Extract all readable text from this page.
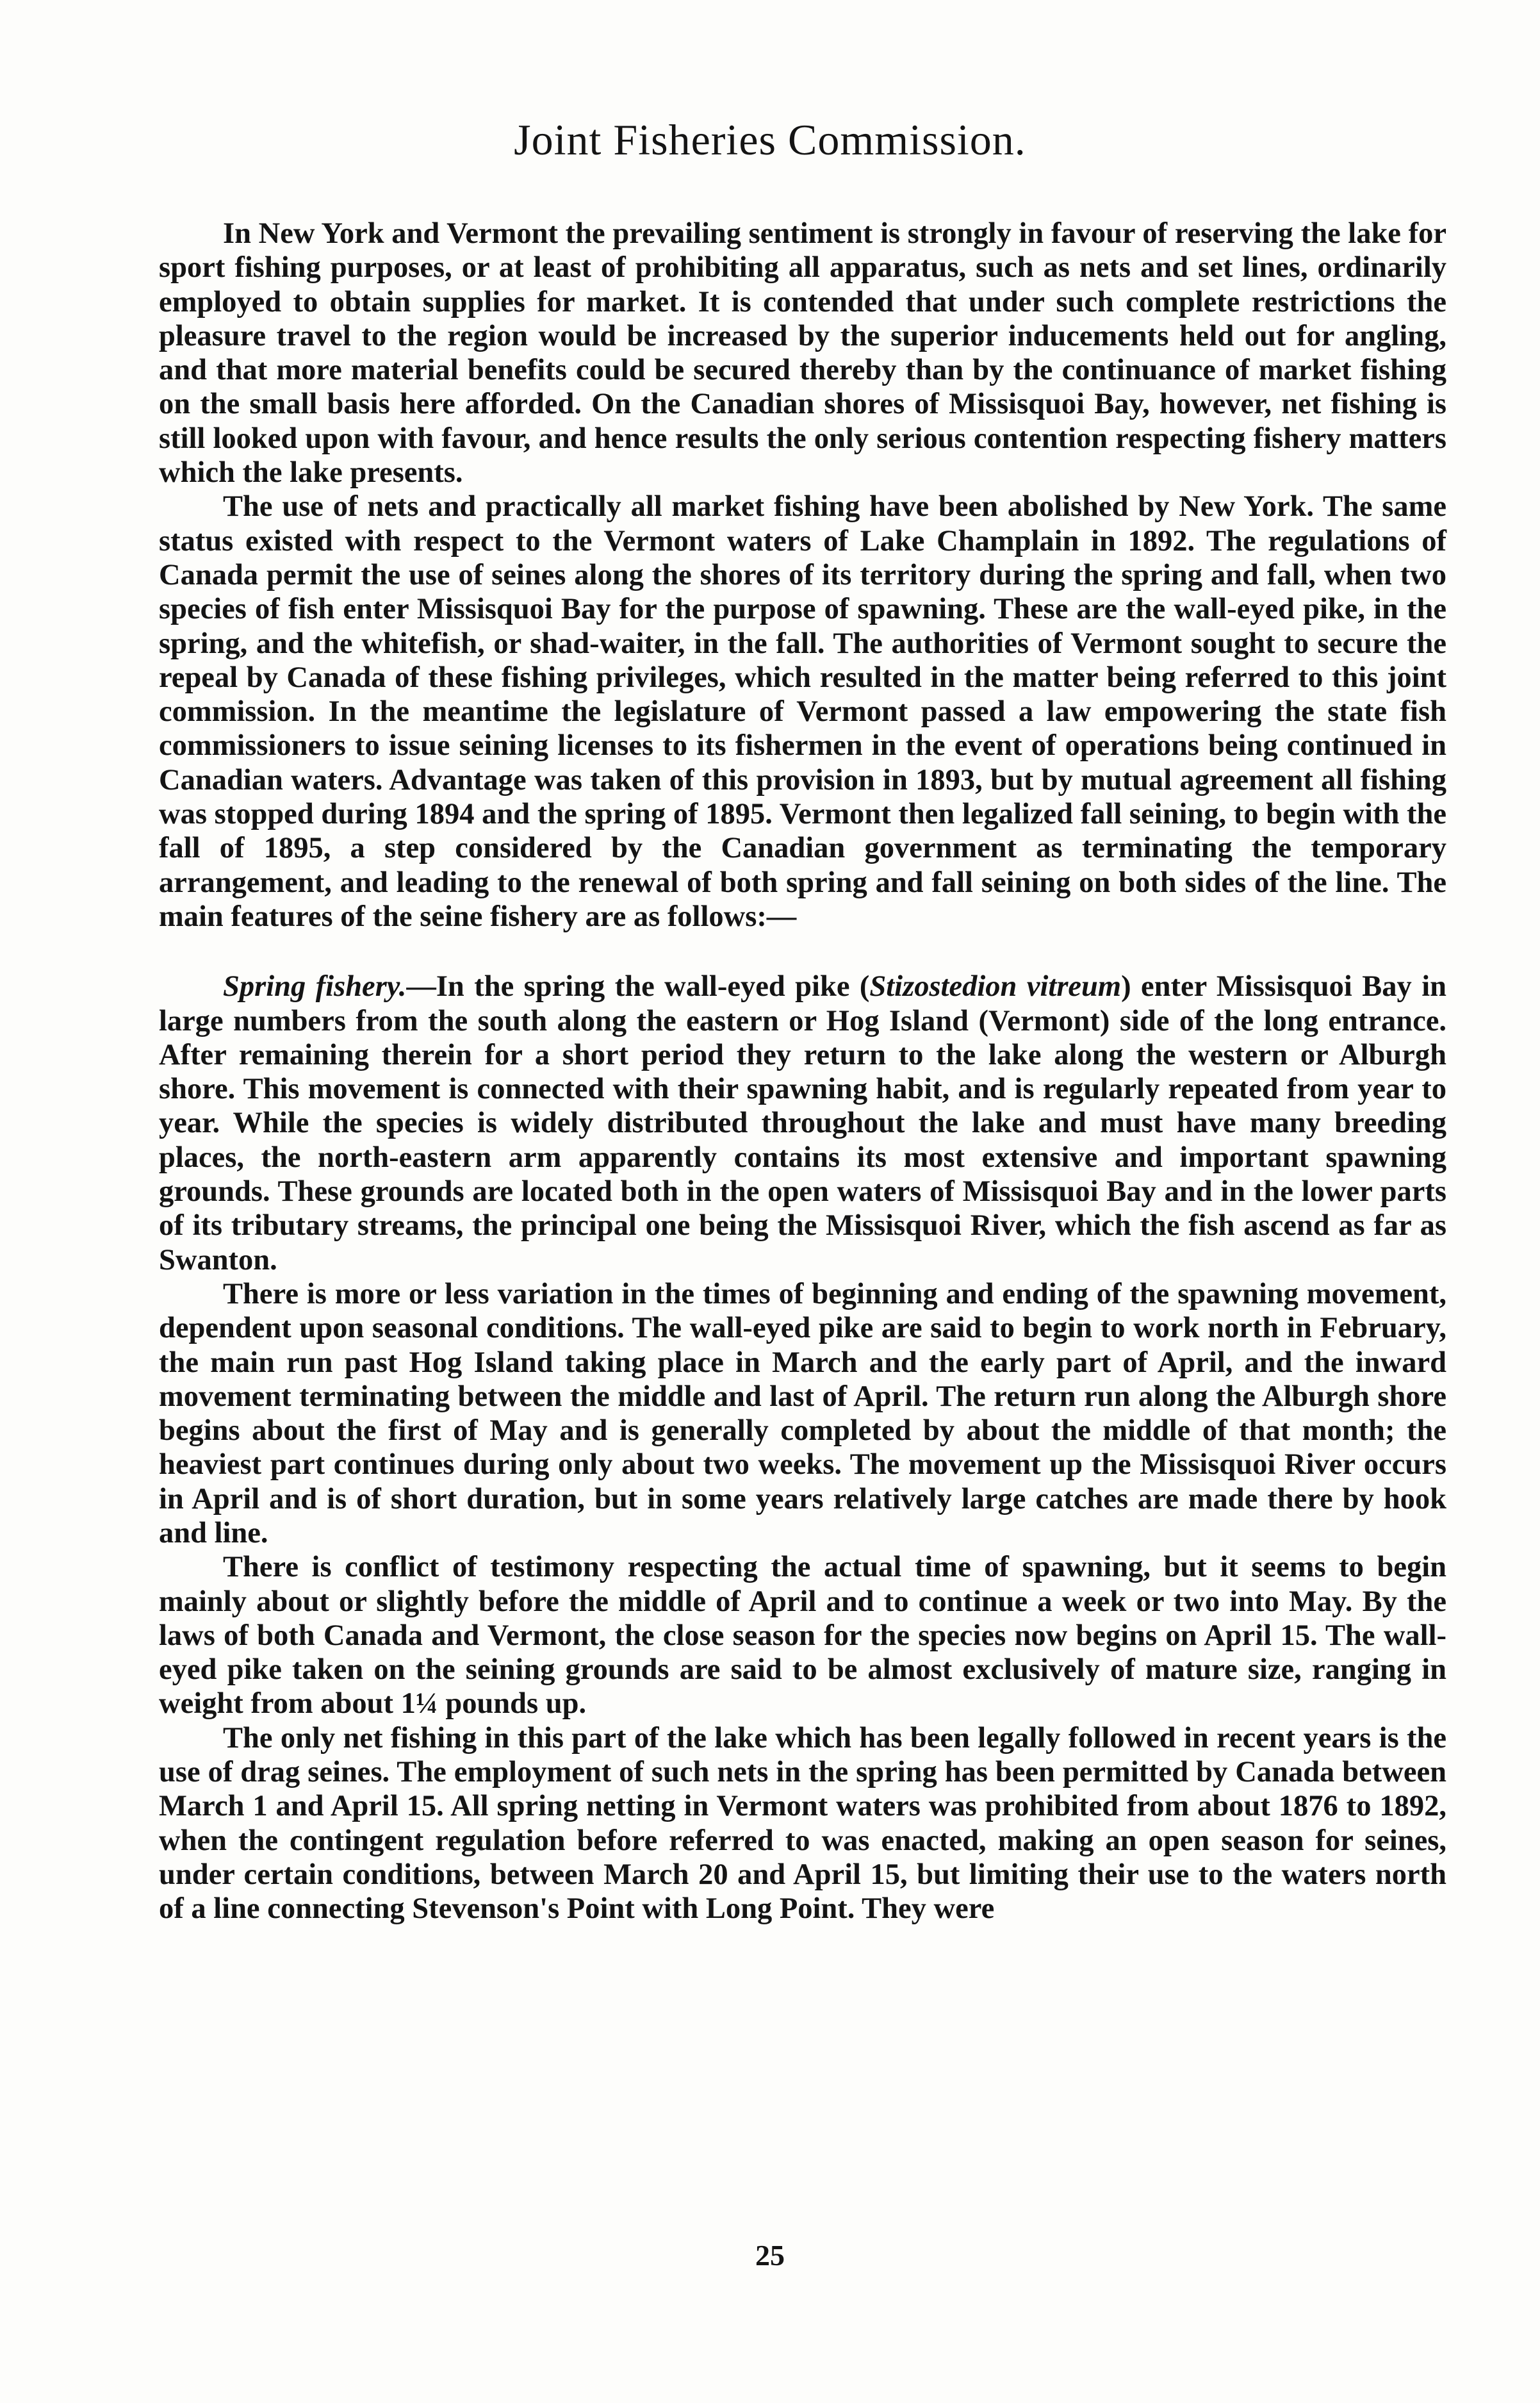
Joint Fisheries Commission.

In New York and Vermont the prevailing sentiment is strongly in favour of reserving the lake for sport fishing purposes, or at least of prohibiting all apparatus, such as nets and set lines, ordinarily employed to obtain supplies for market. It is contended that under such complete restrictions the pleasure travel to the region would be increased by the superior inducements held out for angling, and that more material benefits could be secured thereby than by the continuance of market fishing on the small basis here afforded. On the Canadian shores of Missisquoi Bay, however, net fishing is still looked upon with favour, and hence results the only serious contention respecting fishery matters which the lake presents.

The use of nets and practically all market fishing have been abolished by New York. The same status existed with respect to the Vermont waters of Lake Champlain in 1892. The regulations of Canada permit the use of seines along the shores of its territory during the spring and fall, when two species of fish enter Missisquoi Bay for the purpose of spawning. These are the wall-eyed pike, in the spring, and the whitefish, or shad-waiter, in the fall. The authorities of Vermont sought to secure the repeal by Canada of these fishing privileges, which resulted in the matter being referred to this joint commission. In the meantime the legislature of Vermont passed a law empowering the state fish commissioners to issue seining licenses to its fishermen in the event of operations being continued in Canadian waters. Advantage was taken of this provision in 1893, but by mutual agreement all fishing was stopped during 1894 and the spring of 1895. Vermont then legalized fall seining, to begin with the fall of 1895, a step considered by the Canadian government as terminating the temporary arrangement, and leading to the renewal of both spring and fall seining on both sides of the line. The main features of the seine fishery are as follows:—

Spring fishery.—In the spring the wall-eyed pike (Stizostedion vitreum) enter Missisquoi Bay in large numbers from the south along the eastern or Hog Island (Vermont) side of the long entrance. After remaining therein for a short period they return to the lake along the western or Alburgh shore. This movement is connected with their spawning habit, and is regularly repeated from year to year. While the species is widely distributed throughout the lake and must have many breeding places, the north-eastern arm apparently contains its most extensive and important spawning grounds. These grounds are located both in the open waters of Missisquoi Bay and in the lower parts of its tributary streams, the principal one being the Missisquoi River, which the fish ascend as far as Swanton.

There is more or less variation in the times of beginning and ending of the spawning movement, dependent upon seasonal conditions. The wall-eyed pike are said to begin to work north in February, the main run past Hog Island taking place in March and the early part of April, and the inward movement terminating between the middle and last of April. The return run along the Alburgh shore begins about the first of May and is generally completed by about the middle of that month; the heaviest part continues during only about two weeks. The movement up the Missisquoi River occurs in April and is of short duration, but in some years relatively large catches are made there by hook and line.

There is conflict of testimony respecting the actual time of spawning, but it seems to begin mainly about or slightly before the middle of April and to continue a week or two into May. By the laws of both Canada and Vermont, the close season for the species now begins on April 15. The wall-eyed pike taken on the seining grounds are said to be almost exclusively of mature size, ranging in weight from about 1¼ pounds up.

The only net fishing in this part of the lake which has been legally followed in recent years is the use of drag seines. The employment of such nets in the spring has been permitted by Canada between March 1 and April 15. All spring netting in Vermont waters was prohibited from about 1876 to 1892, when the contingent regulation before referred to was enacted, making an open season for seines, under certain conditions, between March 20 and April 15, but limiting their use to the waters north of a line connecting Stevenson's Point with Long Point. They were

25
